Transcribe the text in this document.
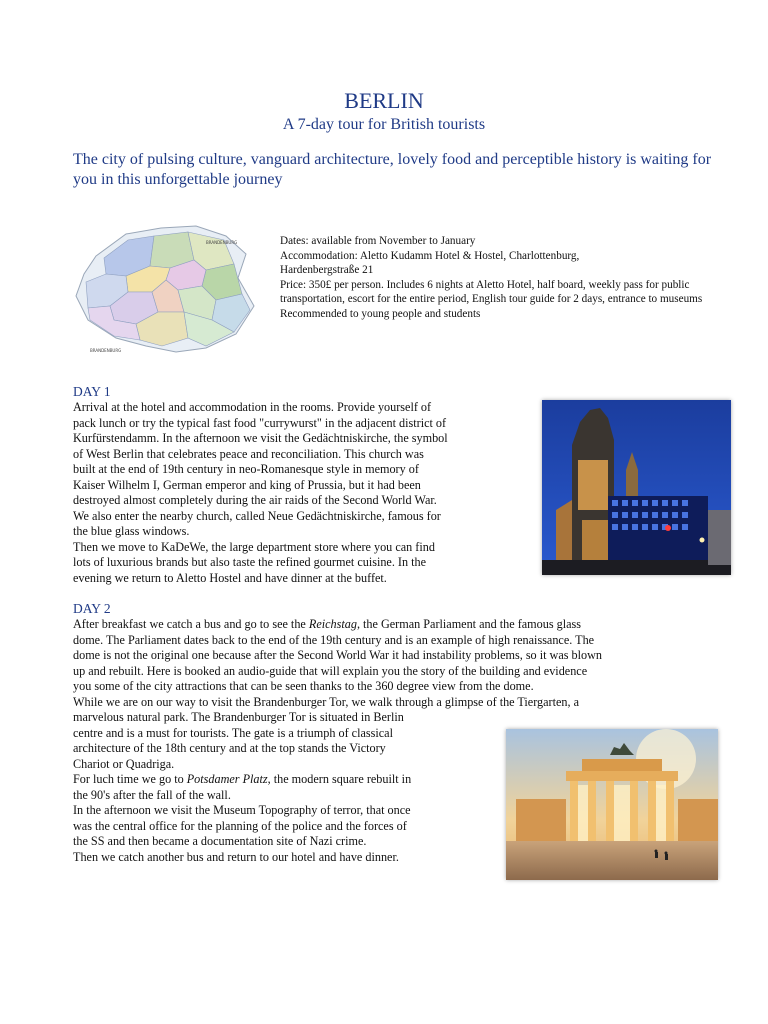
BERLIN
A 7-day tour for British tourists
The city of pulsing culture, vanguard architecture, lovely food and perceptible history is waiting for you in this unforgettable journey
BRANDENBURG
BRANDENBURG
Dates: available from November to January
Accommodation: Aletto Kudamm Hotel & Hostel, Charlottenburg,
Hardenbergstraße 21
Price: 350£ per person. Includes 6 nights at Aletto Hotel, half board, weekly pass for public transportation, escort for the entire period, English tour guide for 2 days, entrance to museums
Recommended to young people and students
DAY 1

Arrival at the hotel and accommodation in the rooms. Provide yourself of

pack lunch or try the typical fast food "currywurst" in the adjacent district of

Kurfürstendamm. In the afternoon we visit the Gedächtniskirche, the symbol

of West Berlin that celebrates peace and reconciliation. This church was

built at the end of 19th century in neo-Romanesque style in memory of

Kaiser Wilhelm I, German emperor and king of Prussia, but it had been

destroyed almost completely during the air raids of the Second World War.

We also enter the nearby church, called Neue Gedächtniskirche, famous for

the blue glass windows.

Then we move to KaDeWe, the large department store where you can find

lots of luxurious brands but also taste the refined gourmet cuisine. In the

evening we return to Aletto Hostel and have dinner at the buffet.

DAY 2

After breakfast we catch a bus and go to see the Reichstag, the German Parliament and the famous glass

dome. The Parliament dates back to the end of the 19th century and is an example of high renaissance. The

dome is not the original one because after the Second World War it had instability problems, so it was blown

up and rebuilt. Here is booked an audio-guide that will explain you the story of the building and evidence

you some of the city attractions that can be seen thanks to the 360 degree view from the dome.

While we are on our way to visit the Brandenburger Tor, we walk through a glimpse of the Tiergarten, a

marvelous natural park. The Brandenburger Tor is situated in Berlin

centre and is a must for tourists. The gate is a triumph of classical

architecture of the 18th century and at the top stands the Victory

Chariot or Quadriga.

For luch time we go to Potsdamer Platz, the modern square rebuilt in

the 90's after the fall of the wall.

In the afternoon we visit the Museum Topography of terror, that once

was the central office for the planning of the police and the forces of

the SS and then became a documentation site of Nazi crime.

Then we catch another bus and return to our hotel and have dinner.
